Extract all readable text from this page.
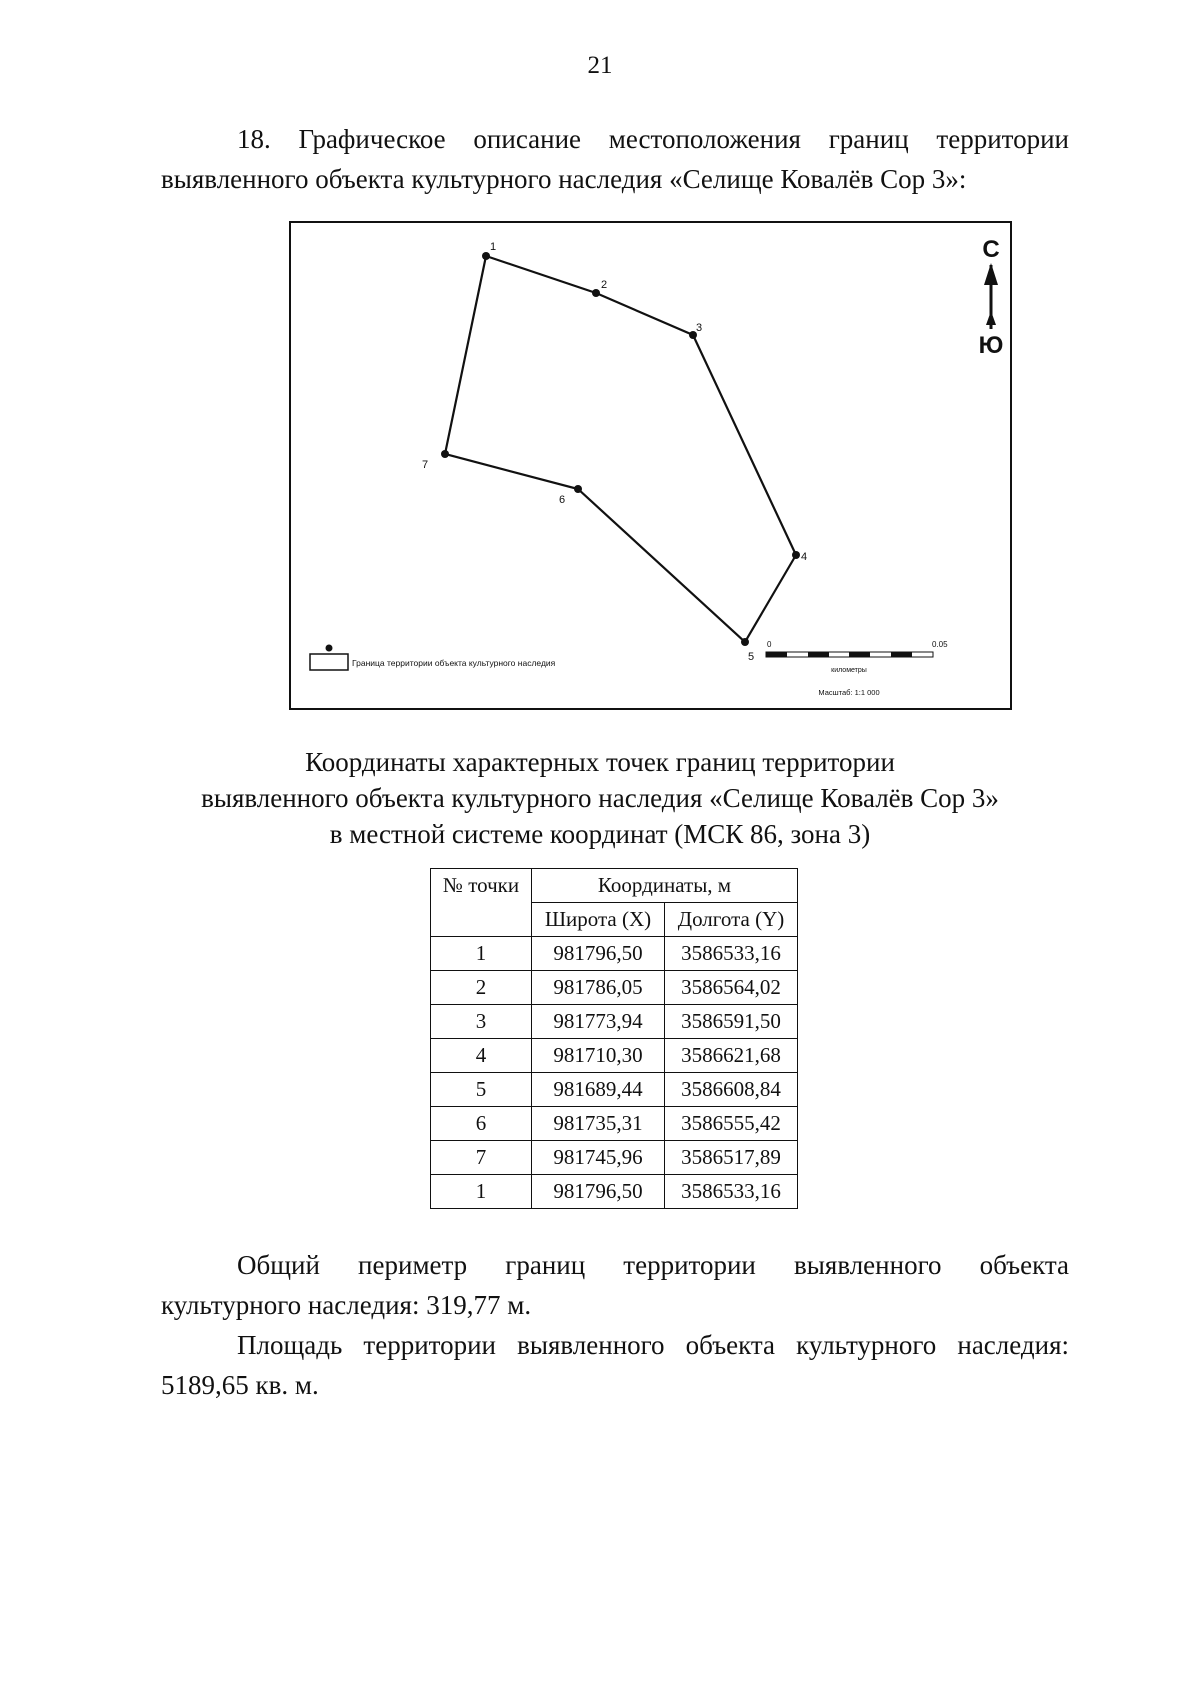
21
18. Графическое описание местоположения границ территории
выявленного объекта культурного наследия «Селище Ковалёв Сор 3»:
1
2
3
4
5
6
7
С
Ю
Граница территории объекта культурного наследия
0	0.05
километры
Масштаб: 1:1 000
Координаты характерных точек границ территории
выявленного объекта культурного наследия «Селище Ковалёв Сор 3»
в местной системе координат (МСК 86, зона 3)
№ точки	Координаты, м	
	Широта (X)	Долгота (Y)
1	981796,50	3586533,16
2	981786,05	3586564,02
3	981773,94	3586591,50
4	981710,30	3586621,68
5	981689,44	3586608,84
6	981735,31	3586555,42
7	981745,96	3586517,89
1	981796,50	3586533,16
Общий периметр границ территории выявленного объекта
культурного наследия: 319,77 м.
Площадь территории выявленного объекта культурного наследия:
5189,65 кв. м.
